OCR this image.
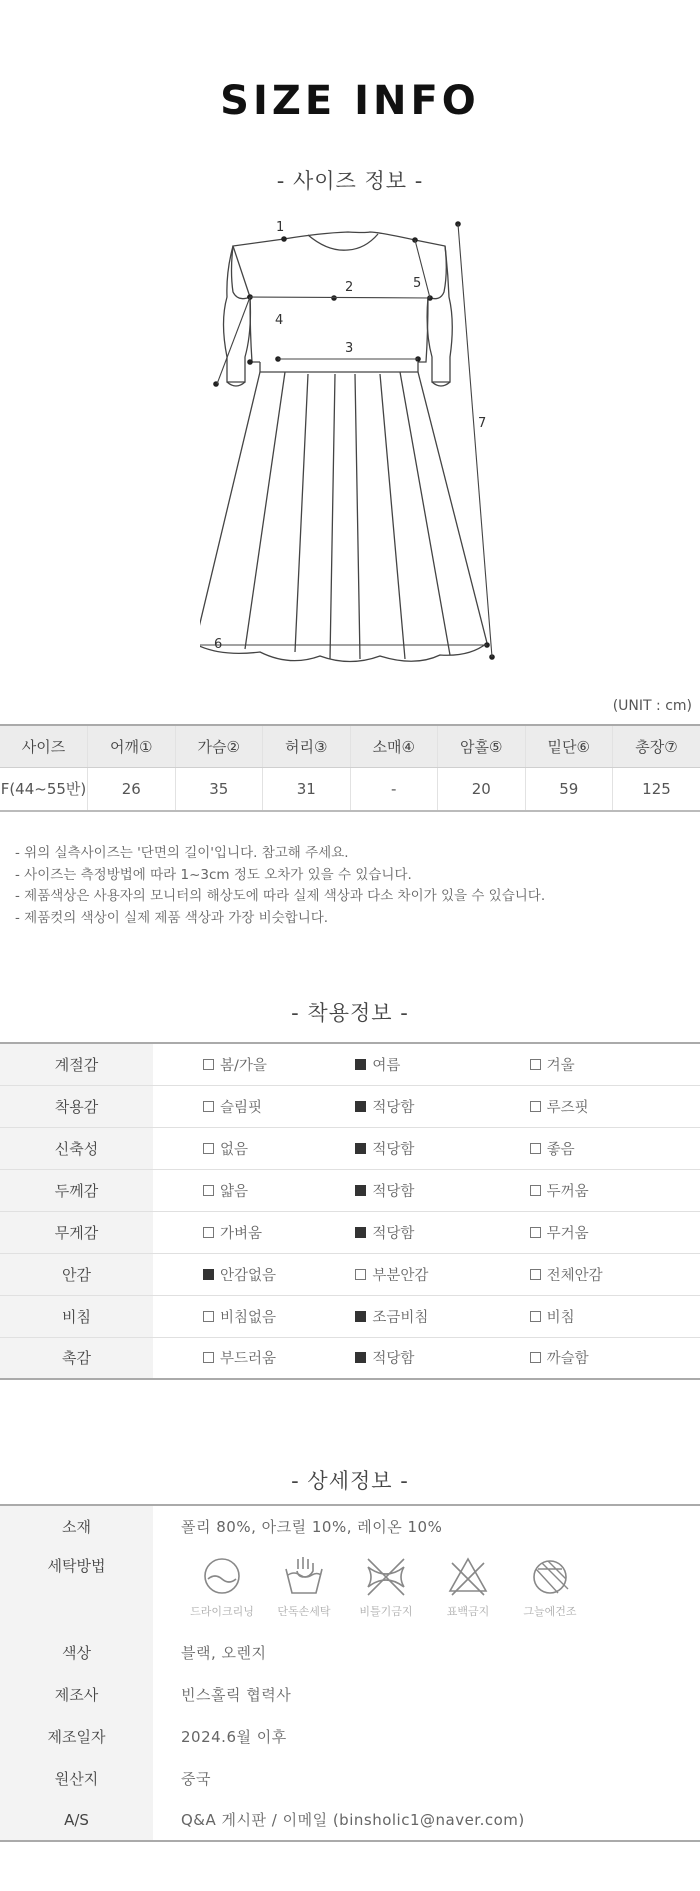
SIZE INFO
- 사이즈 정보 -
1
2
3
4
5
6
7
(UNIT : cm)
사이즈	어깨①	가슴②	허리③	소매④	암홀⑤	밑단⑥	총장⑦
F(44~55반)	26	35	31	-	20	59	125
- 위의 실측사이즈는 '단면의 길이'입니다. 참고해 주세요.
- 사이즈는 측정방법에 따라 1~3cm 정도 오차가 있을 수 있습니다.
- 제품색상은 사용자의 모니터의 해상도에 따라 실제 색상과 다소 차이가 있을 수 있습니다.
- 제품컷의 색상이 실제 제품 색상과 가장 비슷합니다.
- 착용정보 -
계절감	봄/가을	여름	겨울

착용감	슬림핏	적당함	루즈핏

신축성	없음	적당함	좋음

두께감	얇음	적당함	두꺼움

무게감	가벼움	적당함	무거움

안감	안감없음	부분안감	전체안감

비침	비침없음	조금비침	비침

촉감	부드러움	적당함	까슬함
- 상세정보 -
소재	폴리 80%, 아크릴 10%, 레이온 10%
세탁방법	드라이크리닝 단독손세탁 비틀기금지 표백금지 그늘에건조

색상	블랙, 오렌지
제조사	빈스홀릭 협력사
제조일자	2024.6월 이후
원산지	중국
A/S	Q&A 게시판 / 이메일 (binsholic1@naver.com)
